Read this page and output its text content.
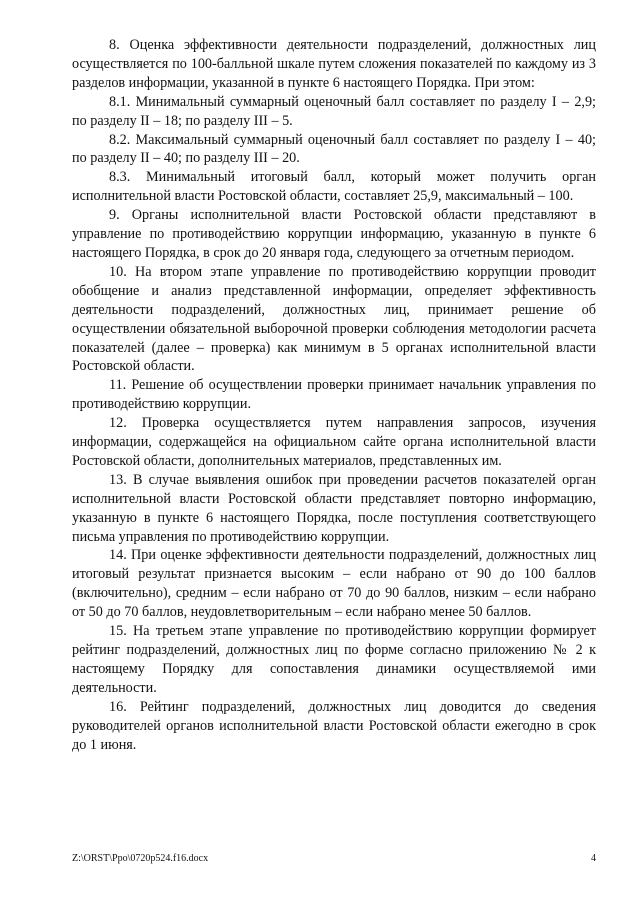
8. Оценка эффективности деятельности подразделений, должностных лиц осуществляется по 100-балльной шкале путем сложения показателей по каждому из 3 разделов информации, указанной в пункте 6 настоящего Порядка. При этом:

8.1. Минимальный суммарный оценочный балл составляет по разделу I – 2,9; по разделу II – 18; по разделу III – 5.

8.2. Максимальный суммарный оценочный балл составляет по разделу I – 40; по разделу II – 40; по разделу III – 20.

8.3. Минимальный итоговый балл, который может получить орган исполнительной власти Ростовской области, составляет 25,9, максимальный – 100.

9. Органы исполнительной власти Ростовской области представляют в управление по противодействию коррупции информацию, указанную в пункте 6 настоящего Порядка, в срок до 20 января года, следующего за отчетным периодом.

10. На втором этапе управление по противодействию коррупции проводит обобщение и анализ представленной информации, определяет эффективность деятельности подразделений, должностных лиц, принимает решение об осуществлении обязательной выборочной проверки соблюдения методологии расчета показателей (далее – проверка) как минимум в 5 органах исполнительной власти Ростовской области.

11. Решение об осуществлении проверки принимает начальник управления по противодействию коррупции.

12. Проверка осуществляется путем направления запросов, изучения информации, содержащейся на официальном сайте органа исполнительной власти Ростовской области, дополнительных материалов, представленных им.

13. В случае выявления ошибок при проведении расчетов показателей орган исполнительной власти Ростовской области представляет повторно информацию, указанную в пункте 6 настоящего Порядка, после поступления соответствующего письма управления по противодействию коррупции.

14. При оценке эффективности деятельности подразделений, должностных лиц итоговый результат признается высоким – если набрано от 90 до 100 баллов (включительно), средним – если набрано от 70 до 90 баллов, низким – если набрано от 50 до 70 баллов, неудовлетворительным – если набрано менее 50 баллов.

15. На третьем этапе управление по противодействию коррупции формирует рейтинг подразделений, должностных лиц по форме согласно приложению № 2 к настоящему Порядку для сопоставления динамики осуществляемой ими деятельности.

16. Рейтинг подразделений, должностных лиц доводится до сведения руководителей органов исполнительной власти Ростовской области ежегодно в срок до 1 июня.

Z:\ORST\Ppo\0720p524.f16.docx	4
